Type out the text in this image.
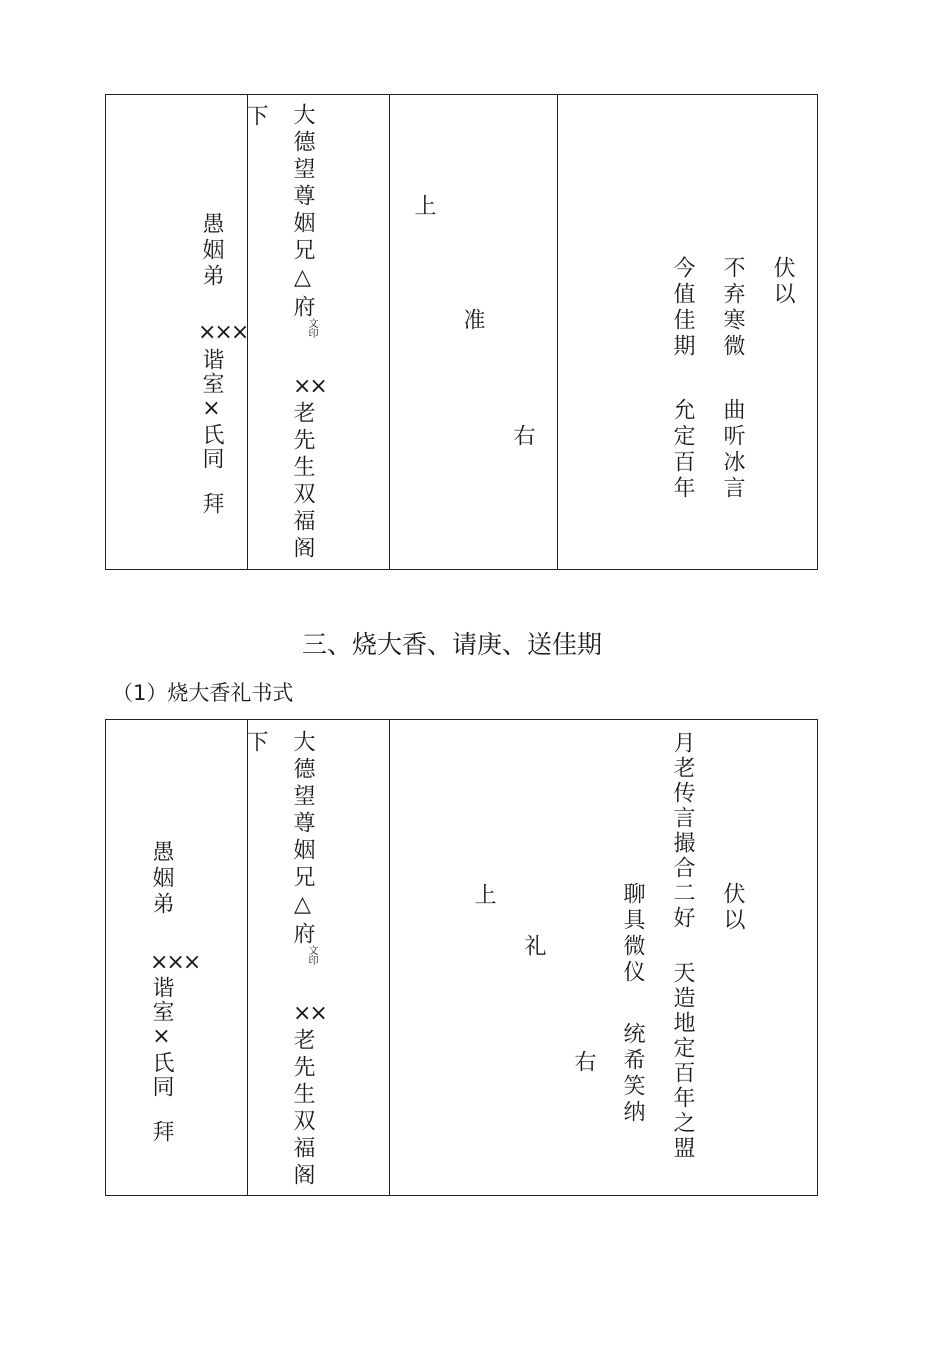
愚姻弟
×××
谐室×氏同
拜
下 大德望尊姻兄△府
文印
××
老先生双福阁
上
准
右
伏以
不弃寒微
曲听冰言
今值佳期
允定百年
三、烧大香、请庚、送佳期
（1）烧大香礼书式
愚姻弟
×××
谐室×氏同
拜
下 大德望尊姻兄△府
文印
××
老先生双福阁
上
礼
右
伏以
月老传言撮合二好
天造地定百年之盟
聊具微仪
统希笑纳
